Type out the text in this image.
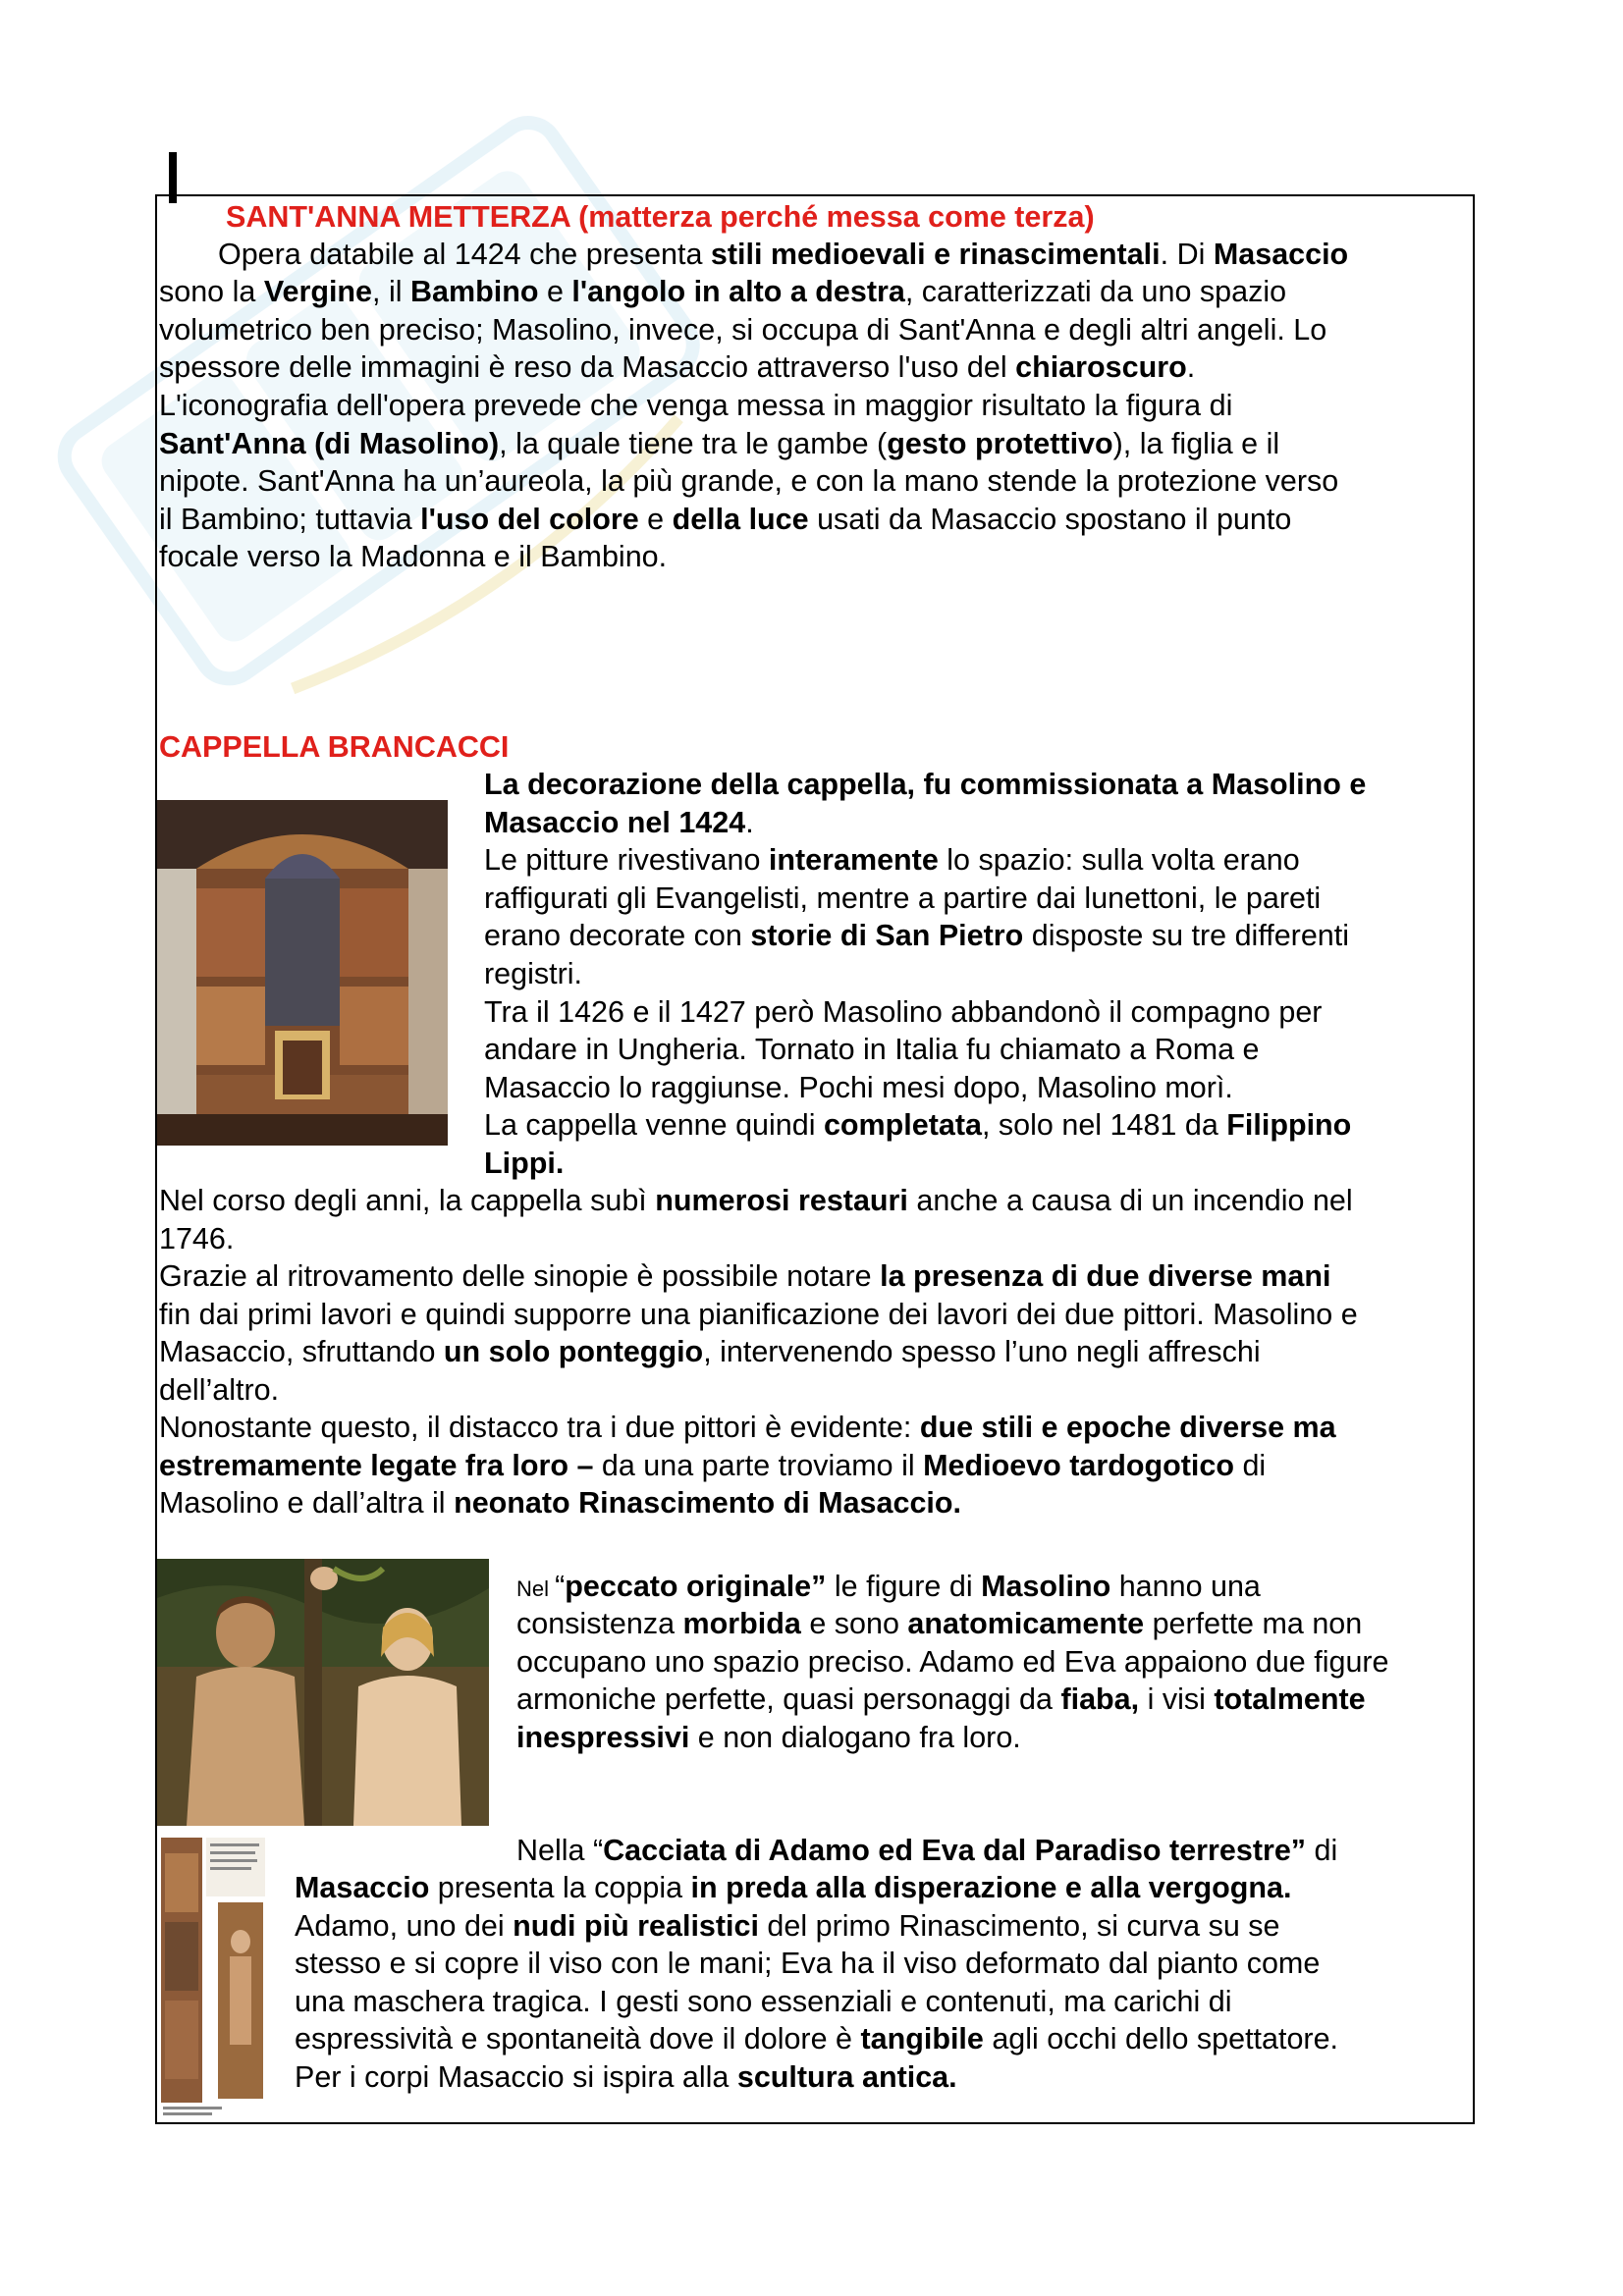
SANT'ANNA METTERZA (matterza perché messa come terza)
Opera databile al 1424 che presenta stili medioevali e rinascimentali. Di Masaccio
sono la Vergine, il Bambino e l'angolo in alto a destra, caratterizzati da uno spazio
volumetrico ben preciso; Masolino, invece, si occupa di Sant'Anna e degli altri angeli. Lo
spessore delle immagini è reso da Masaccio attraverso l'uso del chiaroscuro.
L'iconografia dell'opera prevede che venga messa in maggior risultato la figura di
Sant'Anna (di Masolino), la quale tiene tra le gambe (gesto protettivo), la figlia e il
nipote. Sant'Anna ha un’aureola, la più grande, e con la mano stende la protezione verso
il Bambino; tuttavia l'uso del colore e della luce usati da Masaccio spostano il punto
focale verso la Madonna e il Bambino.
CAPPELLA BRANCACCI
La decorazione della cappella, fu commissionata a Masolino e
Masaccio nel 1424.
Le pitture rivestivano interamente lo spazio: sulla volta erano
raffigurati gli Evangelisti, mentre a partire dai lunettoni, le pareti
erano decorate con storie di San Pietro disposte su tre differenti
registri.
Tra il 1426 e il 1427 però Masolino abbandonò il compagno per
andare in Ungheria. Tornato in Italia fu chiamato a Roma e
Masaccio lo raggiunse. Pochi mesi dopo, Masolino morì.
La cappella venne quindi completata, solo nel 1481 da Filippino
Lippi.
Nel corso degli anni, la cappella subì numerosi restauri anche a causa di un incendio nel
1746.
Grazie al ritrovamento delle sinopie è possibile notare la presenza di due diverse mani
fin dai primi lavori e quindi supporre una pianificazione dei lavori dei due pittori. Masolino e
Masaccio, sfruttando un solo ponteggio, intervenendo spesso l’uno negli affreschi
dell’altro.
Nonostante questo, il distacco tra i due pittori è evidente: due stili e epoche diverse ma
estremamente legate fra loro – da una parte troviamo il Medioevo tardogotico di
Masolino e dall’altra il neonato Rinascimento di Masaccio.
Nel “peccato originale” le figure di Masolino hanno una
consistenza morbida e sono anatomicamente perfette ma non
occupano uno spazio preciso. Adamo ed Eva appaiono due figure
armoniche perfette, quasi personaggi da fiaba, i visi totalmente
inespressivi e non dialogano fra loro.
Nella “Cacciata di Adamo ed Eva dal Paradiso terrestre” di
Masaccio presenta la coppia in preda alla disperazione e alla vergogna.
Adamo, uno dei nudi più realistici del primo Rinascimento, si curva su se
stesso e si copre il viso con le mani; Eva ha il viso deformato dal pianto come
una maschera tragica. I gesti sono essenziali e contenuti, ma carichi di
espressività e spontaneità dove il dolore è tangibile agli occhi dello spettatore.
Per i corpi Masaccio si ispira alla scultura antica.
